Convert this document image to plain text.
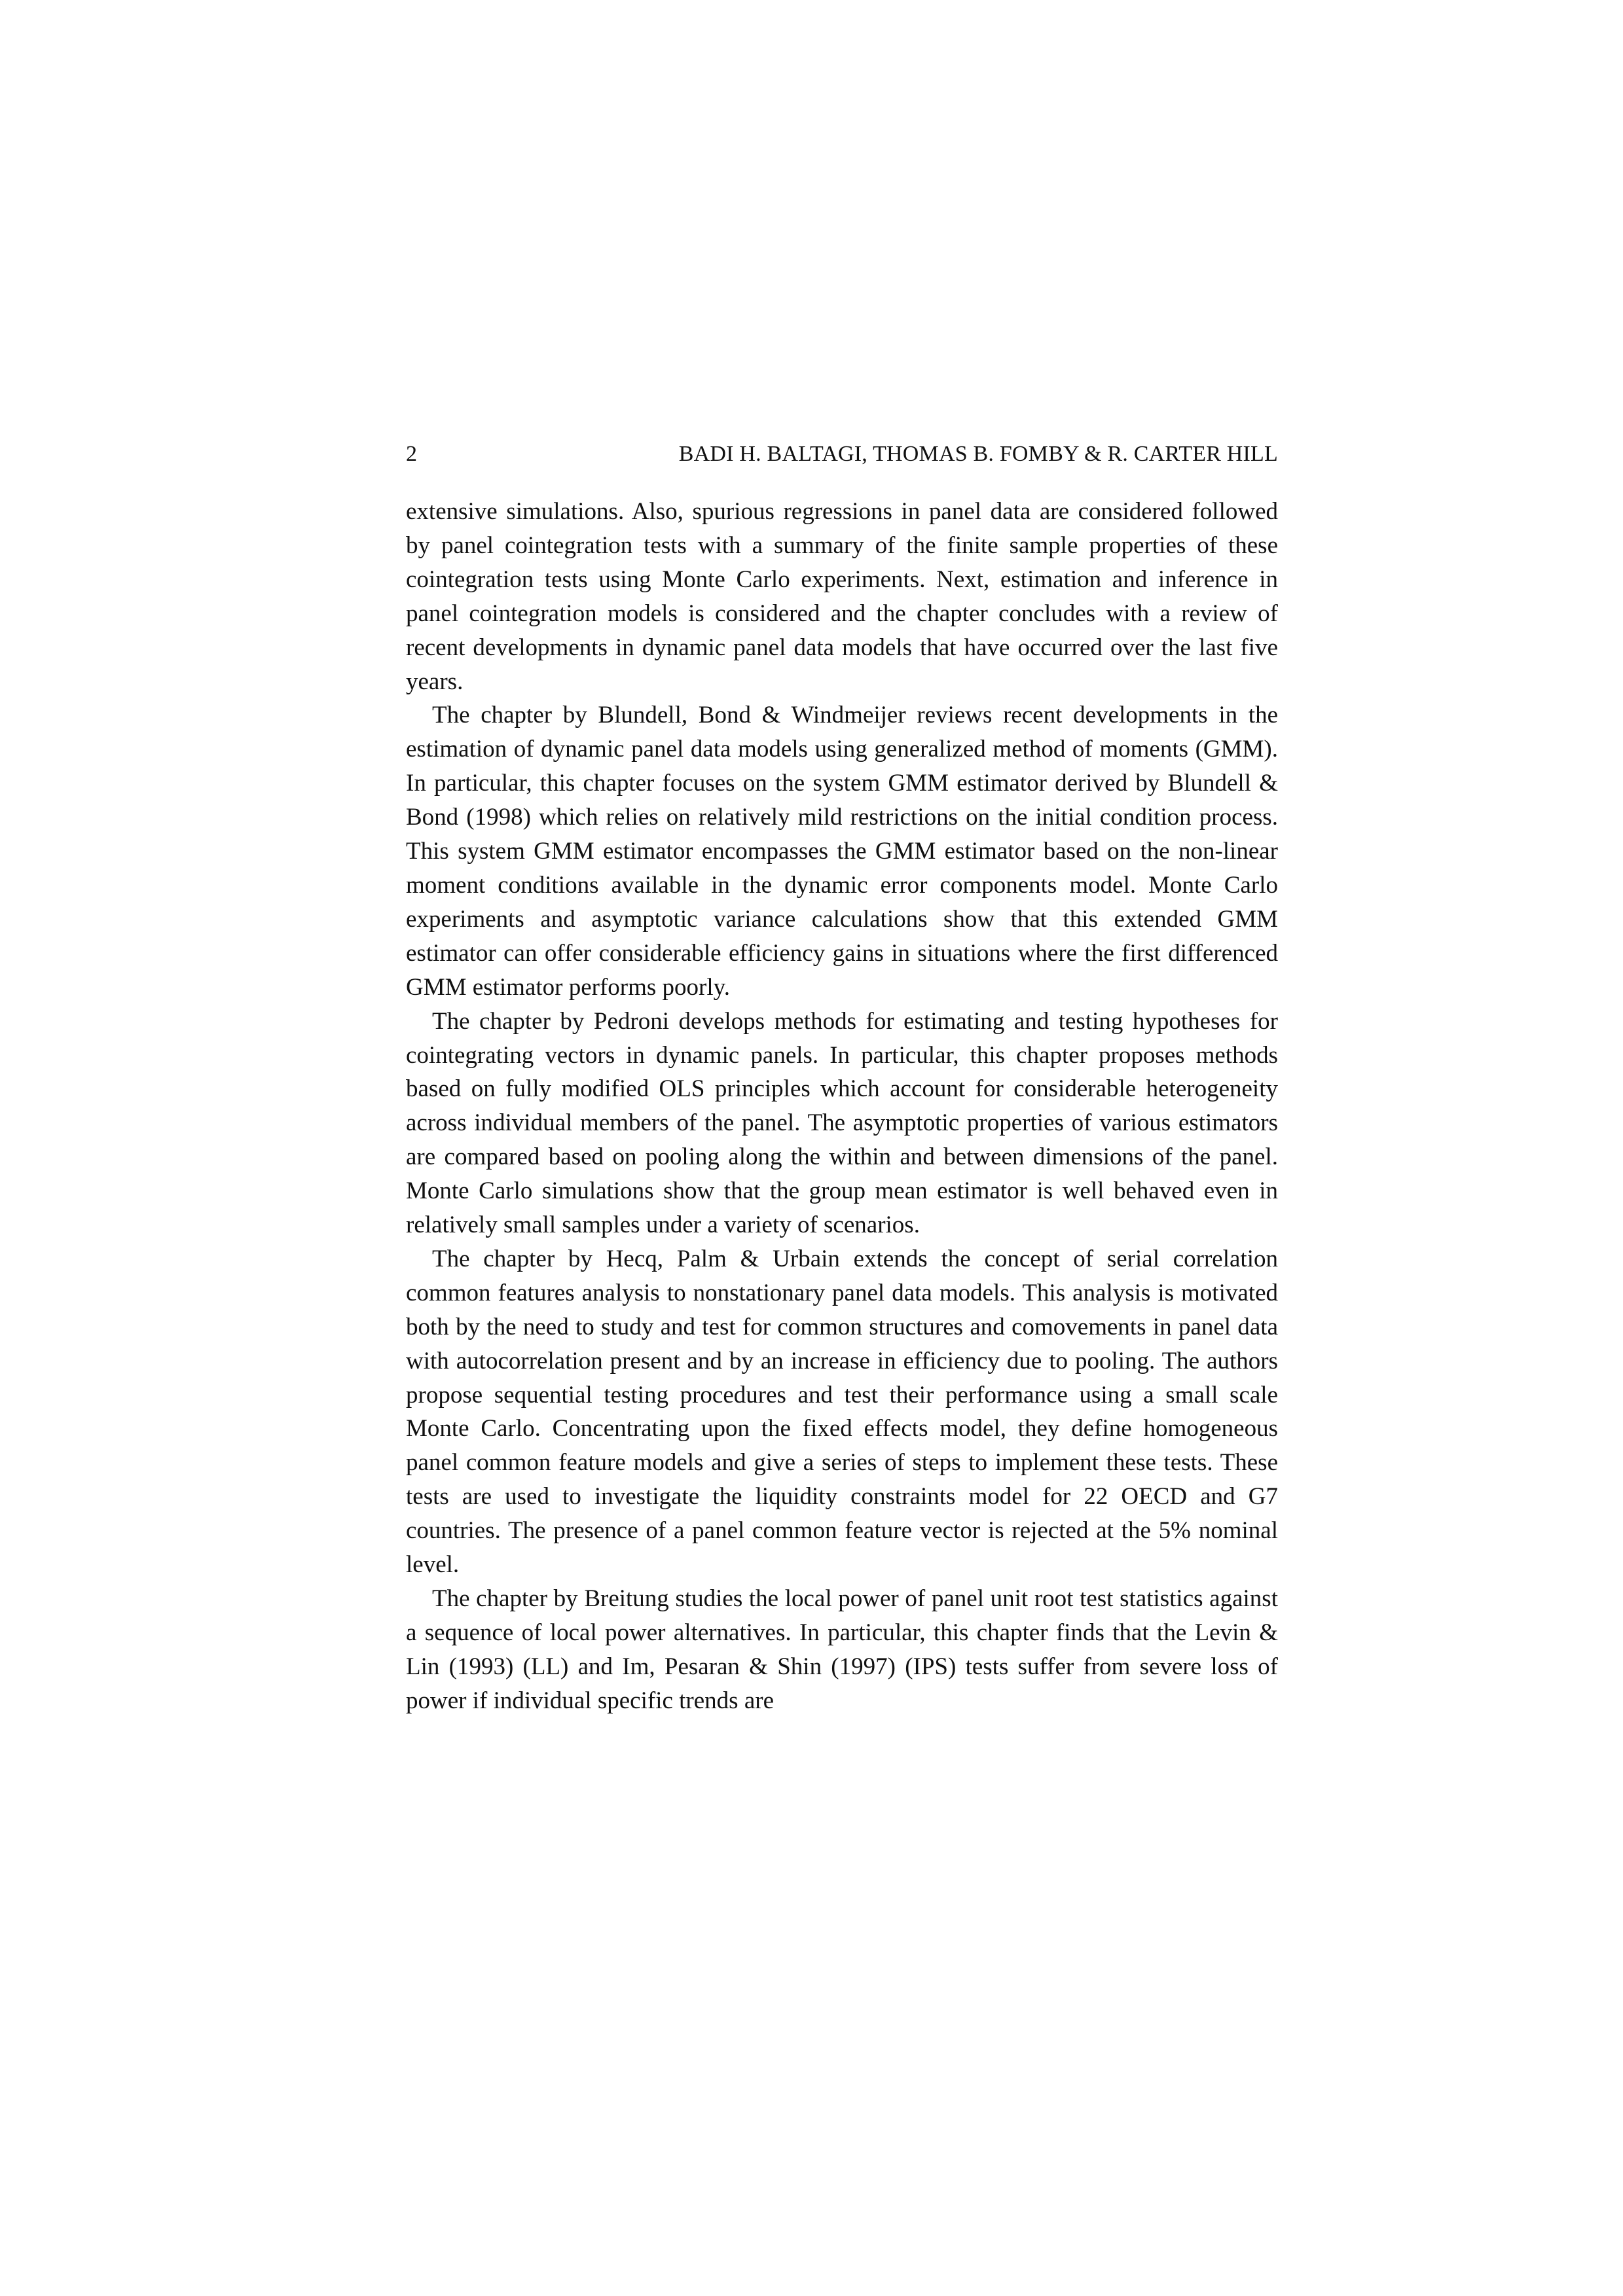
2	BADI H. BALTAGI, THOMAS B. FOMBY & R. CARTER HILL

extensive simulations. Also, spurious regressions in panel data are considered followed by panel cointegration tests with a summary of the finite sample properties of these cointegration tests using Monte Carlo experiments. Next, estimation and inference in panel cointegration models is considered and the chapter concludes with a review of recent developments in dynamic panel data models that have occurred over the last five years.

The chapter by Blundell, Bond & Windmeijer reviews recent developments in the estimation of dynamic panel data models using generalized method of moments (GMM). In particular, this chapter focuses on the system GMM estimator derived by Blundell & Bond (1998) which relies on relatively mild restrictions on the initial condition process. This system GMM estimator encompasses the GMM estimator based on the non-linear moment conditions available in the dynamic error components model. Monte Carlo experiments and asymptotic variance calculations show that this extended GMM estimator can offer considerable efficiency gains in situations where the first differenced GMM estimator performs poorly.

The chapter by Pedroni develops methods for estimating and testing hypotheses for cointegrating vectors in dynamic panels. In particular, this chapter proposes methods based on fully modified OLS principles which account for considerable heterogeneity across individual members of the panel. The asymptotic properties of various estimators are compared based on pooling along the within and between dimensions of the panel. Monte Carlo simulations show that the group mean estimator is well behaved even in relatively small samples under a variety of scenarios.

The chapter by Hecq, Palm & Urbain extends the concept of serial correlation common features analysis to nonstationary panel data models. This analysis is motivated both by the need to study and test for common structures and comovements in panel data with autocorrelation present and by an increase in efficiency due to pooling. The authors propose sequential testing procedures and test their performance using a small scale Monte Carlo. Concentrating upon the fixed effects model, they define homogeneous panel common feature models and give a series of steps to implement these tests. These tests are used to investigate the liquidity constraints model for 22 OECD and G7 countries. The presence of a panel common feature vector is rejected at the 5% nominal level.

The chapter by Breitung studies the local power of panel unit root test statistics against a sequence of local power alternatives. In particular, this chapter finds that the Levin & Lin (1993) (LL) and Im, Pesaran & Shin (1997) (IPS) tests suffer from severe loss of power if individual specific trends are
